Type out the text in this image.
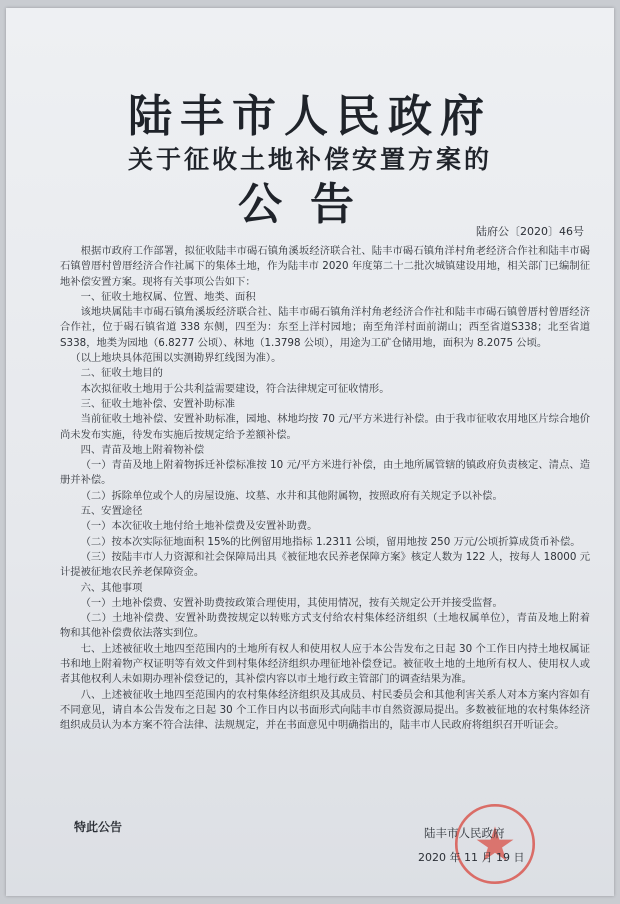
陆丰市人民政府
关于征收土地补偿安置方案的
公告
陆府公〔2020〕46号

根据市政府工作部署，拟征收陆丰市碣石镇角溪坂经济联合社、陆丰市碣石镇角洋村角老经济合作社和陆丰市碣石镇曾厝村曾厝经济合作社属下的集体土地，作为陆丰市 2020 年度第二十二批次城镇建设用地，相关部门已编制征地补偿安置方案。现将有关事项公告如下：

一、征收土地权属、位置、地类、面积

该地块属陆丰市碣石镇角溪坂经济联合社、陆丰市碣石镇角洋村角老经济合作社和陆丰市碣石镇曾厝村曾厝经济合作社，位于碣石镇省道 338 东侧，四至为：东至上洋村园地；南至角洋村面前湖山；西至省道S338；北至省道S338，地类为园地（6.8277 公顷）、林地（1.3798 公顷），用途为工矿仓储用地，面积为 8.2075 公顷。

（以上地块具体范围以实测勘界红线图为准）。

二、征收土地目的

本次拟征收土地用于公共利益需要建设，符合法律规定可征收情形。

三、征收土地补偿、安置补助标准

当前征收土地补偿、安置补助标准，园地、林地均按 70 元/平方米进行补偿。由于我市征收农用地区片综合地价尚未发布实施，待发布实施后按规定给予差额补偿。

四、青苗及地上附着物补偿

（一）青苗及地上附着物拆迁补偿标准按 10 元/平方米进行补偿，由土地所属管辖的镇政府负责核定、清点、造册并补偿。

（二）拆除单位或个人的房屋设施、坟墓、水井和其他附属物，按照政府有关规定予以补偿。

五、安置途径

（一）本次征收土地付给土地补偿费及安置补助费。

（二）按本次实际征地面积 15%的比例留用地指标 1.2311 公顷，留用地按 250 万元/公顷折算成货币补偿。

（三）按陆丰市人力资源和社会保障局出具《被征地农民养老保障方案》核定人数为 122 人，按每人 18000 元计提被征地农民养老保障资金。

六、其他事项

（一）土地补偿费、安置补助费按政策合理使用，其使用情况，按有关规定公开并接受监督。

（二）土地补偿费、安置补助费按规定以转账方式支付给农村集体经济组织（土地权属单位），青苗及地上附着物和其他补偿费依法落实到位。

七、上述被征收土地四至范围内的土地所有权人和使用权人应于本公告发布之日起 30 个工作日内持土地权属证书和地上附着物产权证明等有效文件到村集体经济组织办理征地补偿登记。被征收土地的土地所有权人、使用权人或者其他权利人未如期办理补偿登记的，其补偿内容以市土地行政主管部门的调查结果为准。

八、上述被征收土地四至范围内的农村集体经济组织及其成员、村民委员会和其他利害关系人对本方案内容如有不同意见，请自本公告发布之日起 30 个工作日内以书面形式向陆丰市自然资源局提出。多数被征地的农村集体经济组织成员认为本方案不符合法律、法规规定，并在书面意见中明确指出的，陆丰市人民政府将组织召开听证会。

特此公告	陆丰市人民政府
2020 年 11 月 19 日
